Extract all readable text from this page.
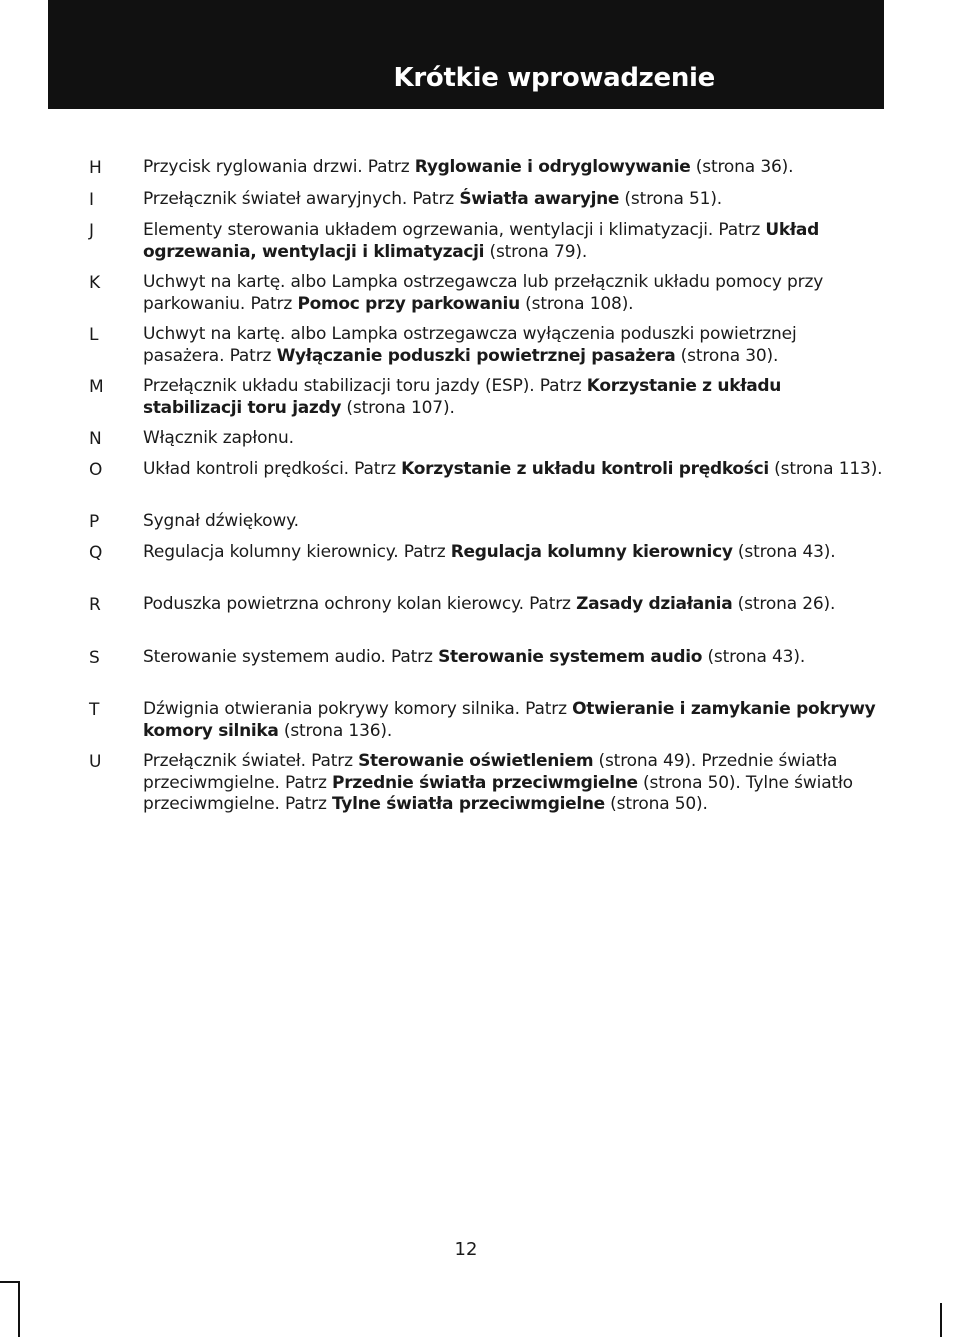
Krótkie wprowadzenie
H Przycisk ryglowania drzwi. Patrz Ryglowanie i odryglowywanie (strona 36).
I	Przełącznik świateł awaryjnych. Patrz Światła awaryjne (strona 51).
J	Elementy sterowania układem ogrzewania, wentylacji i klimatyzacji. Patrz Układ ogrzewania, wentylacji i klimatyzacji (strona 79).
K	Uchwyt na kartę. albo Lampka ostrzegawcza lub przełącznik układu pomocy przy parkowaniu. Patrz Pomoc przy parkowaniu (strona 108).
L	Uchwyt na kartę. albo Lampka ostrzegawcza wyłączenia poduszki powietrznej pasażera. Patrz Wyłączanie poduszki powietrznej pasażera (strona 30).
M Przełącznik układu stabilizacji toru jazdy (ESP). Patrz Korzystanie z układu stabilizacji toru jazdy (strona 107).
N Włącznik zapłonu.
O Układ kontroli prędkości. Patrz Korzystanie z układu kontroli prędkości (strona 113).
P	Sygnał dźwiękowy.
Q Regulacja kolumny kierownicy. Patrz Regulacja kolumny kierownicy (strona 43).
R Poduszka powietrzna ochrony kolan kierowcy. Patrz Zasady działania (strona 26).
S	Sterowanie systemem audio. Patrz Sterowanie systemem audio (strona 43).
T	Dźwignia otwierania pokrywy komory silnika. Patrz Otwieranie i zamykanie pokrywy komory silnika (strona 136).
U Przełącznik świateł. Patrz Sterowanie oświetleniem (strona 49). Przednie światła przeciwmgielne. Patrz Przednie światła przeciwmgielne (strona 50). Tylne światło przeciwmgielne. Patrz Tylne światła przeciwmgielne (strona 50).
12
